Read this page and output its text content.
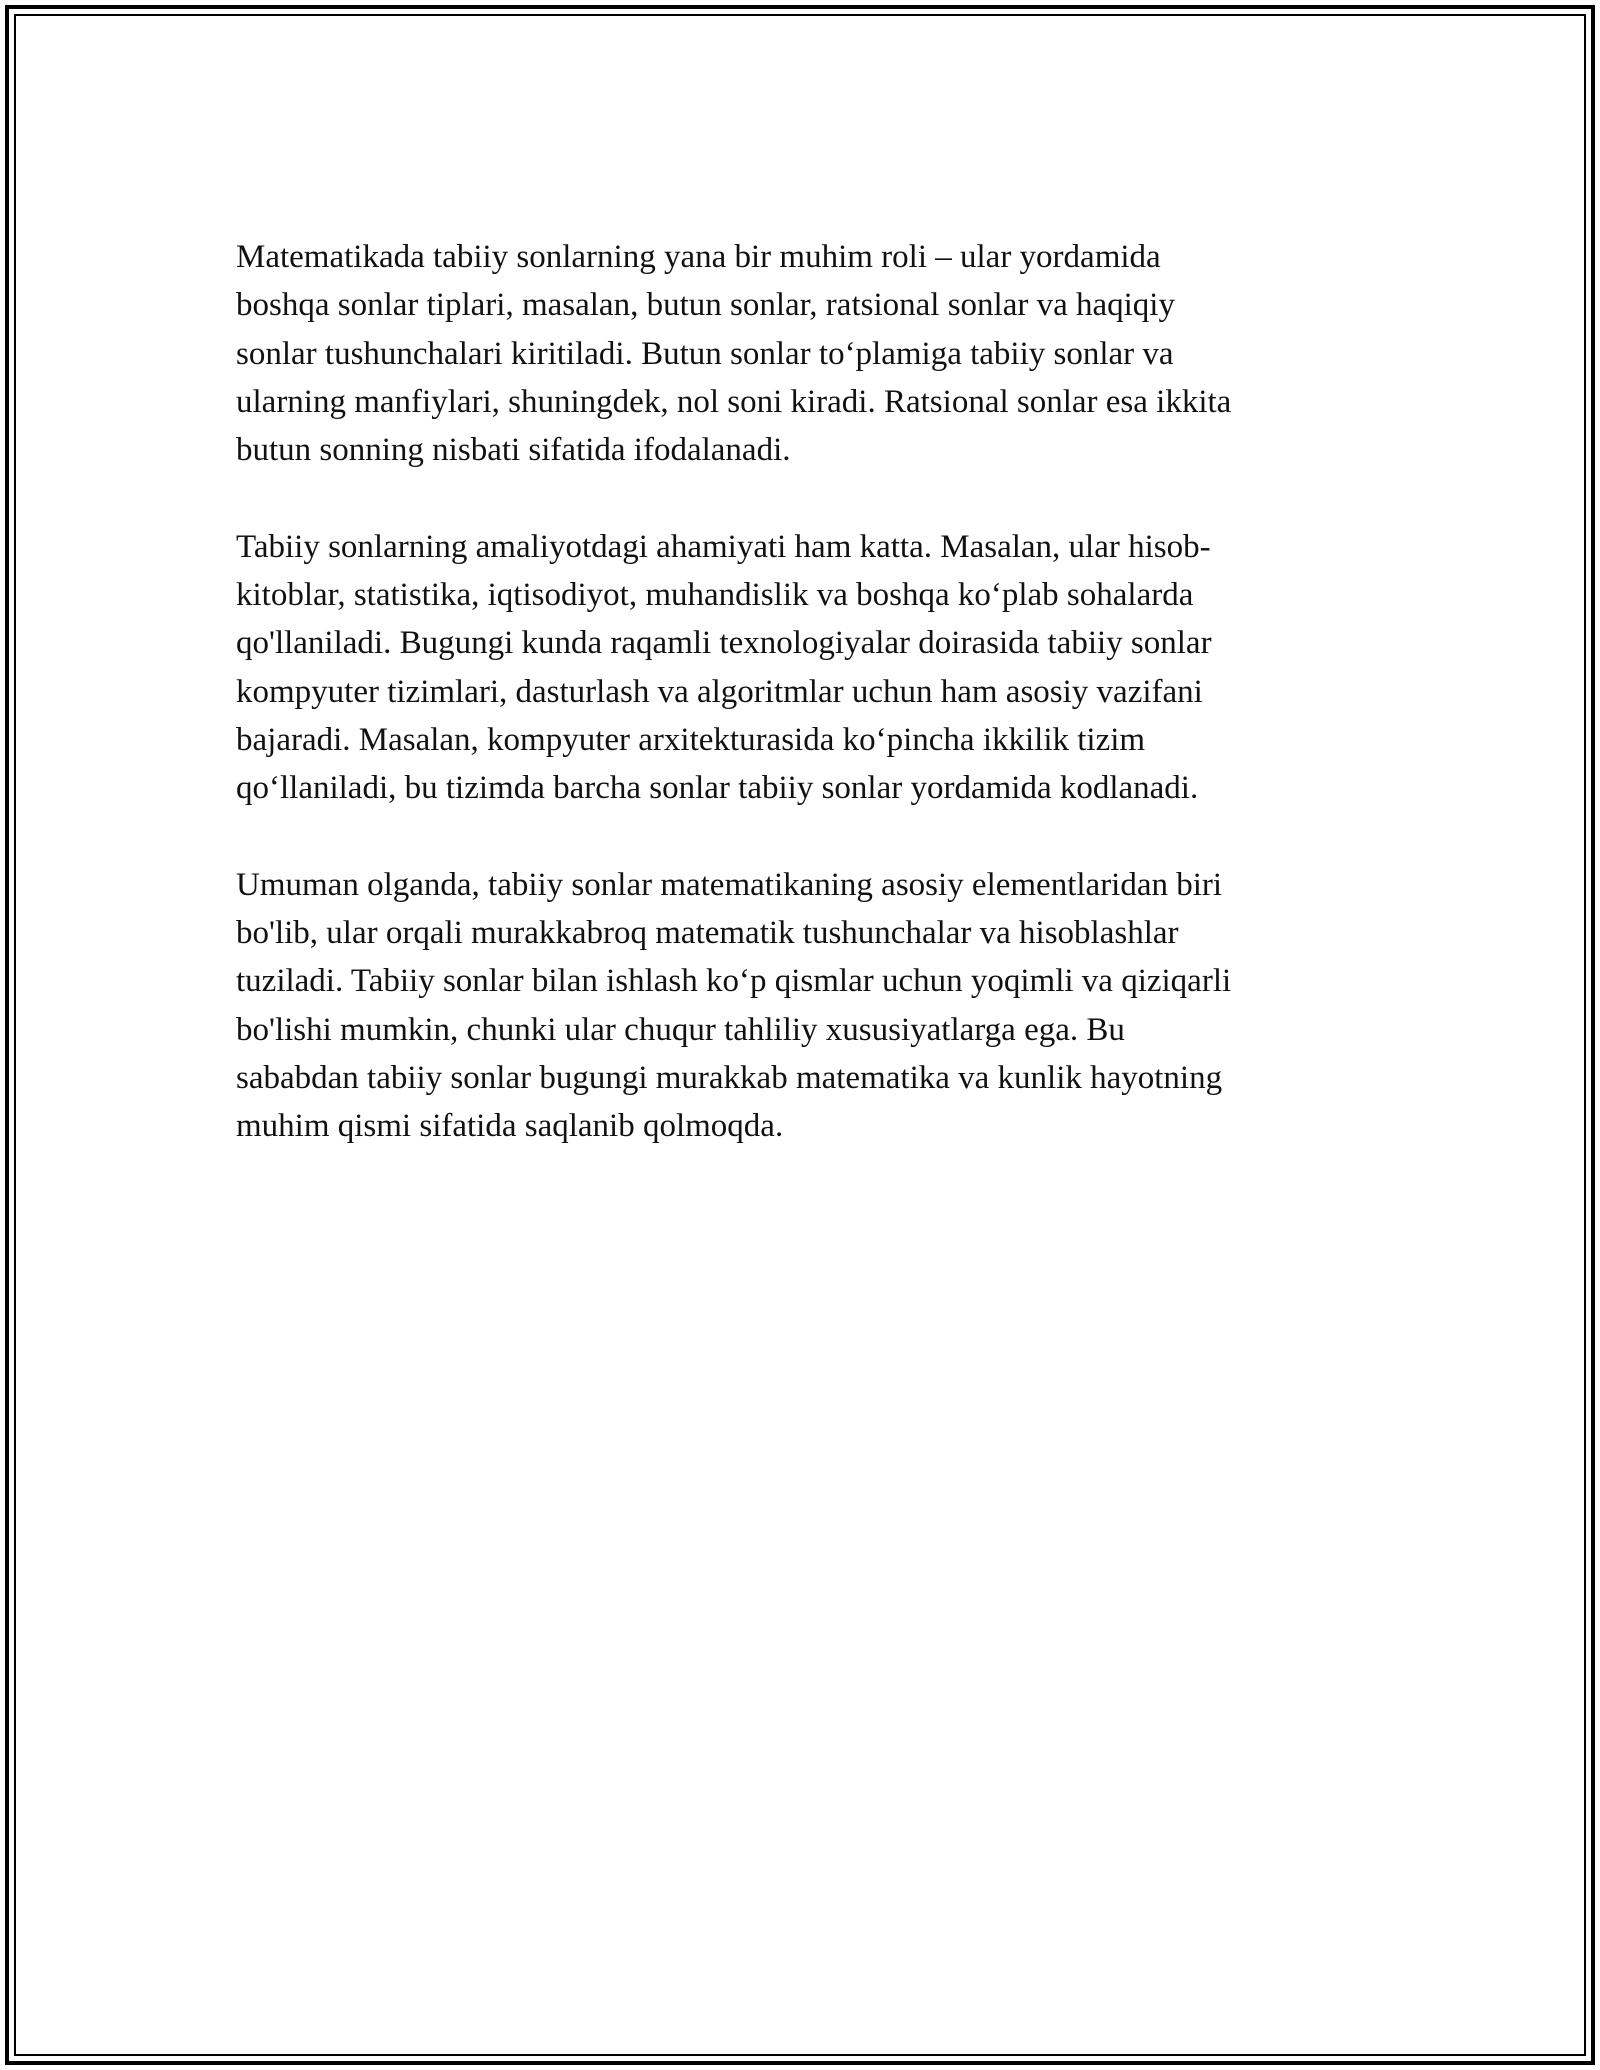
Matematikada tabiiy sonlarning yana bir muhim roli – ular yordamida
boshqa sonlar tiplari, masalan, butun sonlar, ratsional sonlar va haqiqiy
sonlar tushunchalari kiritiladi. Butun sonlar to‘plamiga tabiiy sonlar va
ularning manfiylari, shuningdek, nol soni kiradi. Ratsional sonlar esa ikkita
butun sonning nisbati sifatida ifodalanadi.

Tabiiy sonlarning amaliyotdagi ahamiyati ham katta. Masalan, ular hisob-
kitoblar, statistika, iqtisodiyot, muhandislik va boshqa ko‘plab sohalarda
qo'llaniladi. Bugungi kunda raqamli texnologiyalar doirasida tabiiy sonlar
kompyuter tizimlari, dasturlash va algoritmlar uchun ham asosiy vazifani
bajaradi. Masalan, kompyuter arxitekturasida ko‘pincha ikkilik tizim
qo‘llaniladi, bu tizimda barcha sonlar tabiiy sonlar yordamida kodlanadi.

Umuman olganda, tabiiy sonlar matematikaning asosiy elementlaridan biri
bo'lib, ular orqali murakkabroq matematik tushunchalar va hisoblashlar
tuziladi. Tabiiy sonlar bilan ishlash ko‘p qismlar uchun yoqimli va qiziqarli
bo'lishi mumkin, chunki ular chuqur tahliliy xususiyatlarga ega. Bu
sababdan tabiiy sonlar bugungi murakkab matematika va kunlik hayotning
muhim qismi sifatida saqlanib qolmoqda.
